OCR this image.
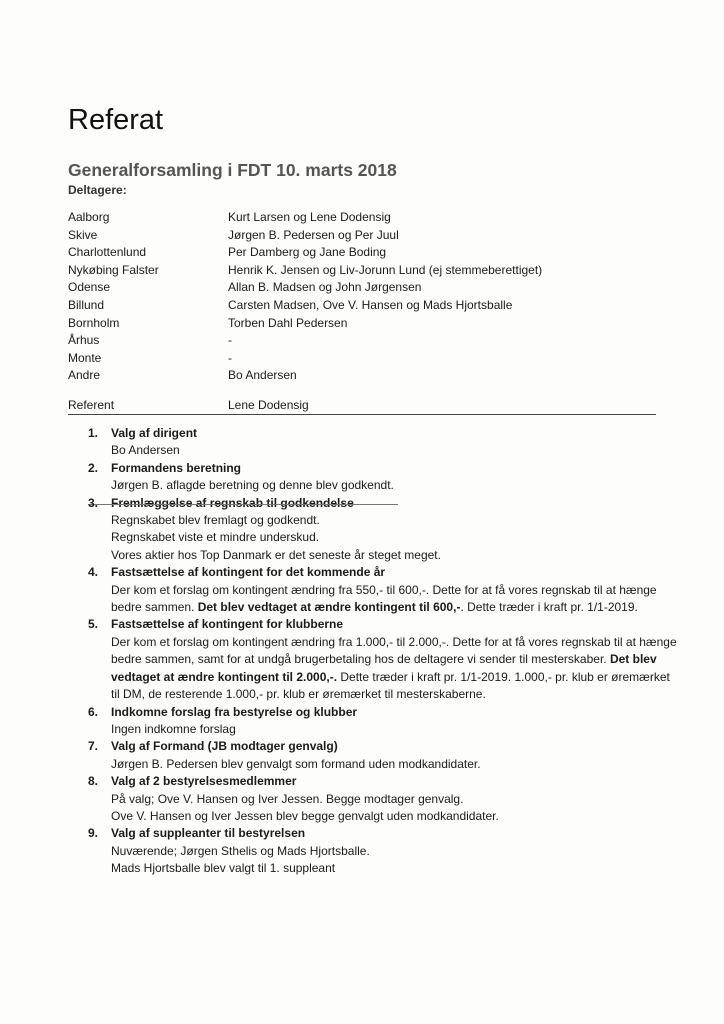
Referat
Generalforsamling i FDT 10. marts 2018
Deltagere:
Aalborg	Kurt Larsen og Lene Dodensig
Skive	Jørgen B. Pedersen og Per Juul
Charlottenlund	Per Damberg og Jane Boding
Nykøbing Falster	Henrik K. Jensen og Liv-Jorunn Lund (ej stemmeberettiget)
Odense	Allan B. Madsen og John Jørgensen
Billund	Carsten Madsen, Ove V. Hansen og Mads Hjortsballe
Bornholm	Torben Dahl Pedersen
Århus	-
Monte	-
Andre	Bo Andersen
Referent	Lene Dodensig
1. Valg af dirigent

Bo Andersen

2. Formandens beretning

Jørgen B. aflagde beretning og denne blev godkendt.

3. Fremlæggelse af regnskab til godkendelse

Regnskabet blev fremlagt og godkendt.

Regnskabet viste et mindre underskud.

Vores aktier hos Top Danmark er det seneste år steget meget.

4. Fastsættelse af kontingent for det kommende år

Der kom et forslag om kontingent ændring fra 550,- til 600,-. Dette for at få vores regnskab til at hænge bedre sammen. Det blev vedtaget at ændre kontingent til 600,-. Dette træder i kraft pr. 1/1-2019.

5. Fastsættelse af kontingent for klubberne

Der kom et forslag om kontingent ændring fra 1.000,- til 2.000,-. Dette for at få vores regnskab til at hænge bedre sammen, samt for at undgå brugerbetaling hos de deltagere vi sender til mesterskaber. Det blev vedtaget at ændre kontingent til 2.000,-. Dette træder i kraft pr. 1/1-2019. 1.000,- pr. klub er øremærket til DM, de resterende 1.000,- pr. klub er øremærket til mesterskaberne.

6. Indkomne forslag fra bestyrelse og klubber

Ingen indkomne forslag

7. Valg af Formand (JB modtager genvalg)

Jørgen B. Pedersen blev genvalgt som formand uden modkandidater.

8. Valg af 2 bestyrelsesmedlemmer

På valg; Ove V. Hansen og Iver Jessen. Begge modtager genvalg.

Ove V. Hansen og Iver Jessen blev begge genvalgt uden modkandidater.

9. Valg af suppleanter til bestyrelsen

Nuværende; Jørgen Sthelis og Mads Hjortsballe.

Mads Hjortsballe blev valgt til 1. suppleant
